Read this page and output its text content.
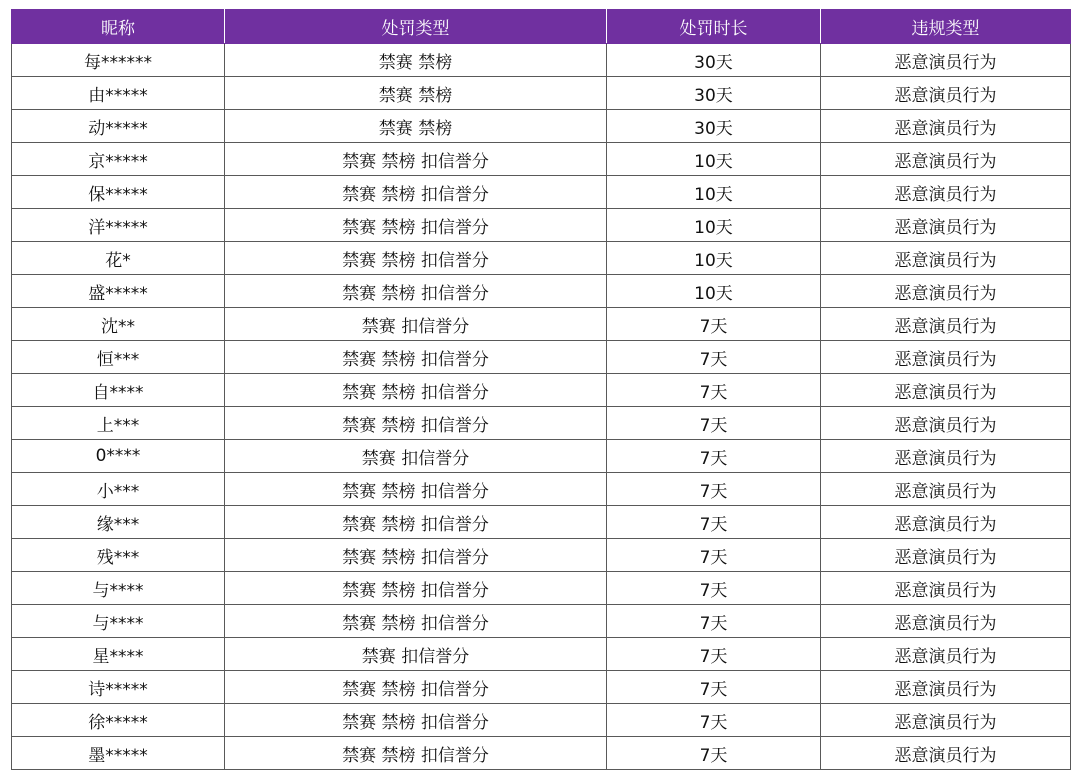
昵称	处罚类型	处罚时长	违规类型
每******	禁赛 禁榜	30天	恶意演员行为
由*****	禁赛 禁榜	30天	恶意演员行为
动*****	禁赛 禁榜	30天	恶意演员行为
京*****	禁赛 禁榜 扣信誉分	10天	恶意演员行为
保*****	禁赛 禁榜 扣信誉分	10天	恶意演员行为
洋*****	禁赛 禁榜 扣信誉分	10天	恶意演员行为
花*	禁赛 禁榜 扣信誉分	10天	恶意演员行为
盛*****	禁赛 禁榜 扣信誉分	10天	恶意演员行为
沈**	禁赛 扣信誉分	7天	恶意演员行为
恒***	禁赛 禁榜 扣信誉分	7天	恶意演员行为
自****	禁赛 禁榜 扣信誉分	7天	恶意演员行为
上***	禁赛 禁榜 扣信誉分	7天	恶意演员行为
0****	禁赛 扣信誉分	7天	恶意演员行为
小***	禁赛 禁榜 扣信誉分	7天	恶意演员行为
缘***	禁赛 禁榜 扣信誉分	7天	恶意演员行为
残***	禁赛 禁榜 扣信誉分	7天	恶意演员行为
与****	禁赛 禁榜 扣信誉分	7天	恶意演员行为
与****	禁赛 禁榜 扣信誉分	7天	恶意演员行为
星****	禁赛 扣信誉分	7天	恶意演员行为
诗*****	禁赛 禁榜 扣信誉分	7天	恶意演员行为
徐*****	禁赛 禁榜 扣信誉分	7天	恶意演员行为
墨*****	禁赛 禁榜 扣信誉分	7天	恶意演员行为
